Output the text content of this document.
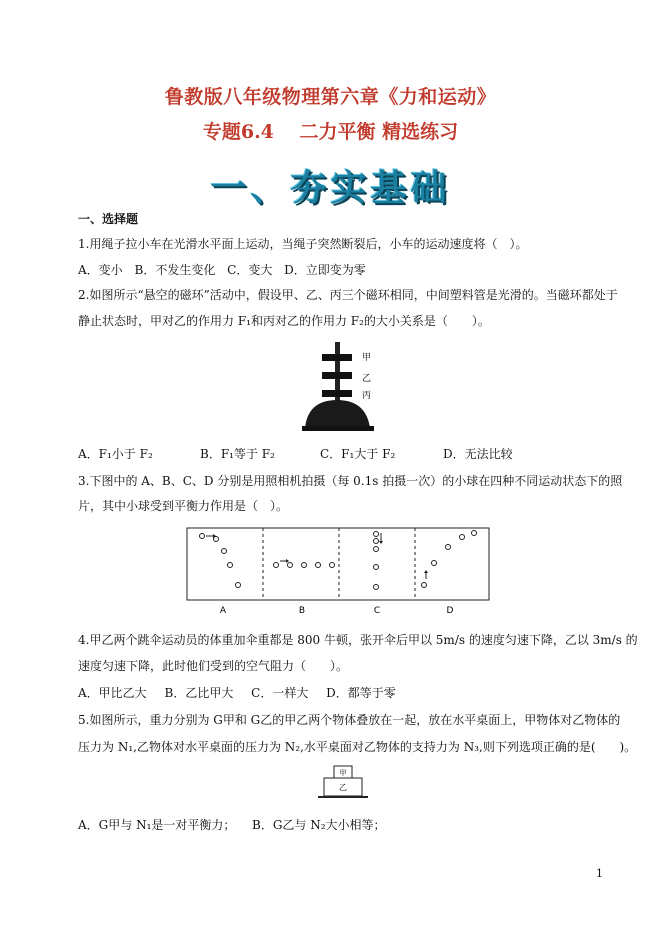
鲁教版八年级物理第六章《力和运动》
专题6.4　 二力平衡 精选练习
一、夯实基础
一、选择题
1.用绳子拉小车在光滑水平面上运动，当绳子突然断裂后，小车的运动速度将（　）。
A．变小 B．不发生变化 C．变大 D．立即变为零
2.如图所示“悬空的磁环”活动中，假设甲、乙、丙三个磁环相同，中间塑料管是光滑的。当磁环都处于
静止状态时，甲对乙的作用力 F₁和丙对乙的作用力 F₂的大小关系是（　　）。
甲
乙
丙
A．F₁小于 F₂	B．F₁等于 F₂	C．F₁大于 F₂	D．无法比较
3.下图中的 A、B、C、D 分别是用照相机拍摄（每 0.1s 拍摄一次）的小球在四种不同运动状态下的照
片，其中小球受到平衡力作用是（　）。
A	B	C	D
4.甲乙两个跳伞运动员的体重加伞重都是 800 牛顿，张开伞后甲以 5m/s 的速度匀速下降，乙以 3m/s 的
速度匀速下降，此时他们受到的空气阻力（　　）。
A．甲比乙大 B．乙比甲大 C．一样大 D．都等于零
5.如图所示，重力分别为 G甲和 G乙的甲乙两个物体叠放在一起，放在水平桌面上，甲物体对乙物体的
压力为 N₁,乙物体对水平桌面的压力为 N₂,水平桌面对乙物体的支持力为 N₃,则下列选项正确的是(　　)。
甲
乙
A．G甲与 N₁是一对平衡力； B．G乙与 N₂大小相等；
1
